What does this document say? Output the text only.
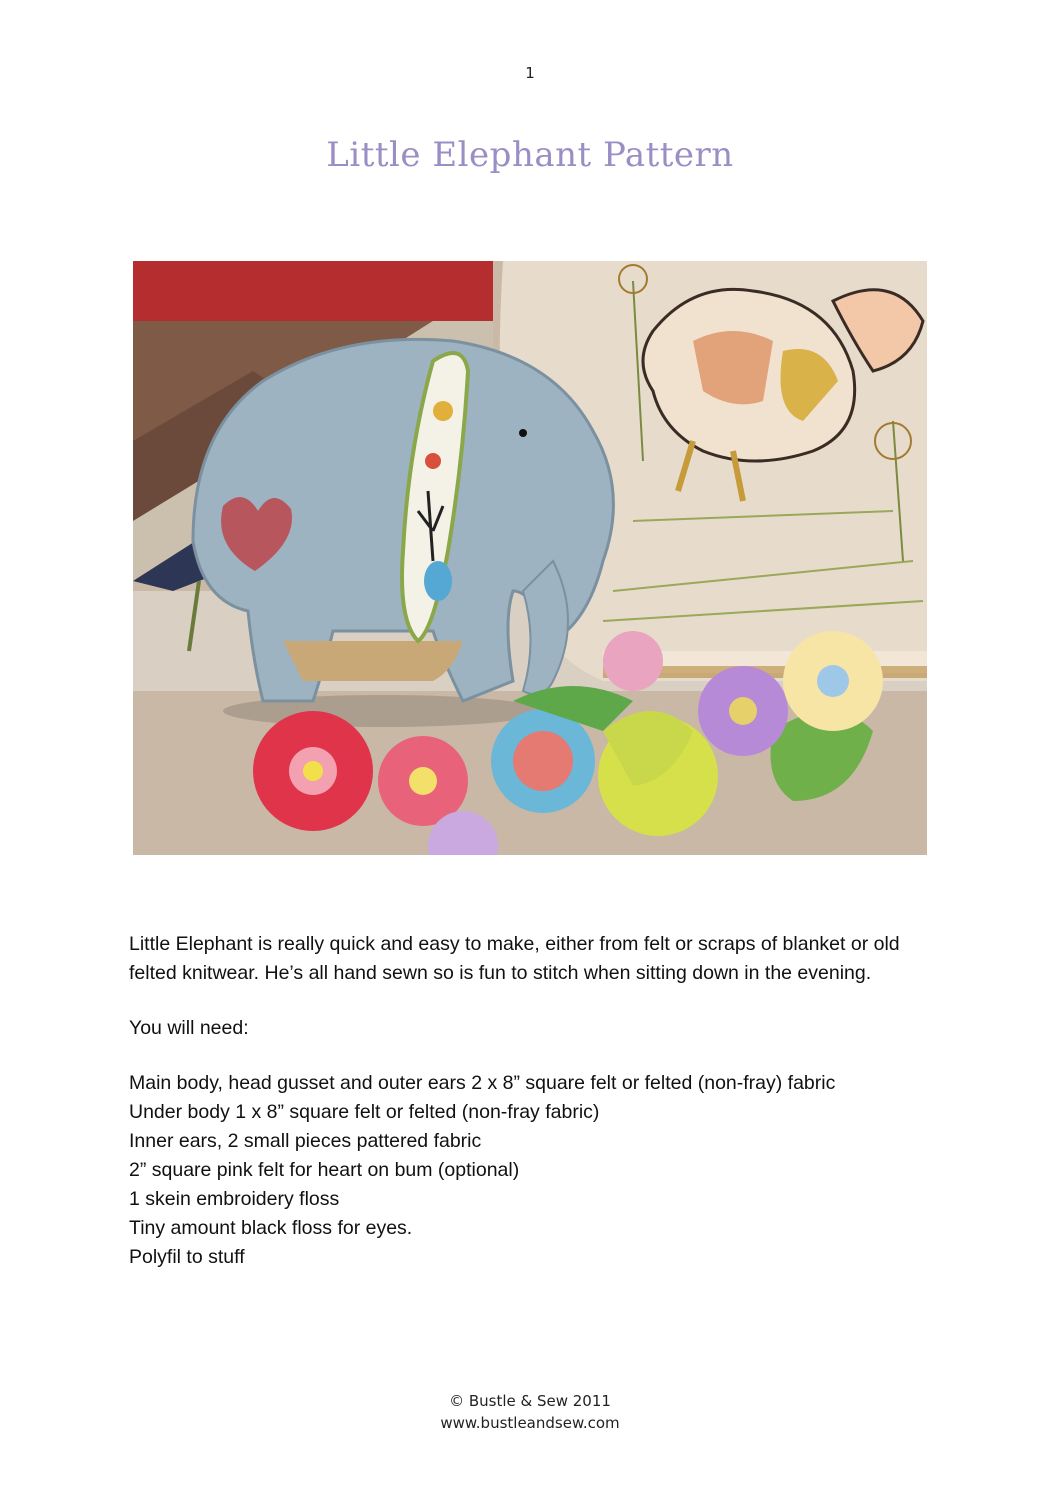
1
Little Elephant Pattern

Little Elephant is really quick and easy to make, either from felt or scraps of blanket or old felted knitwear. He’s all hand sewn so is fun to stitch when sitting down in the evening.

You will need:

Main body, head gusset and outer ears 2 x 8” square felt or felted (non-fray) fabric

Under body 1 x 8” square felt or felted (non-fray fabric)

Inner ears, 2 small pieces pattered fabric

2” square pink felt for heart on bum (optional)

1 skein embroidery floss

Tiny amount black floss for eyes.

Polyfil to stuff

© Bustle & Sew 2011
www.bustleandsew.com
